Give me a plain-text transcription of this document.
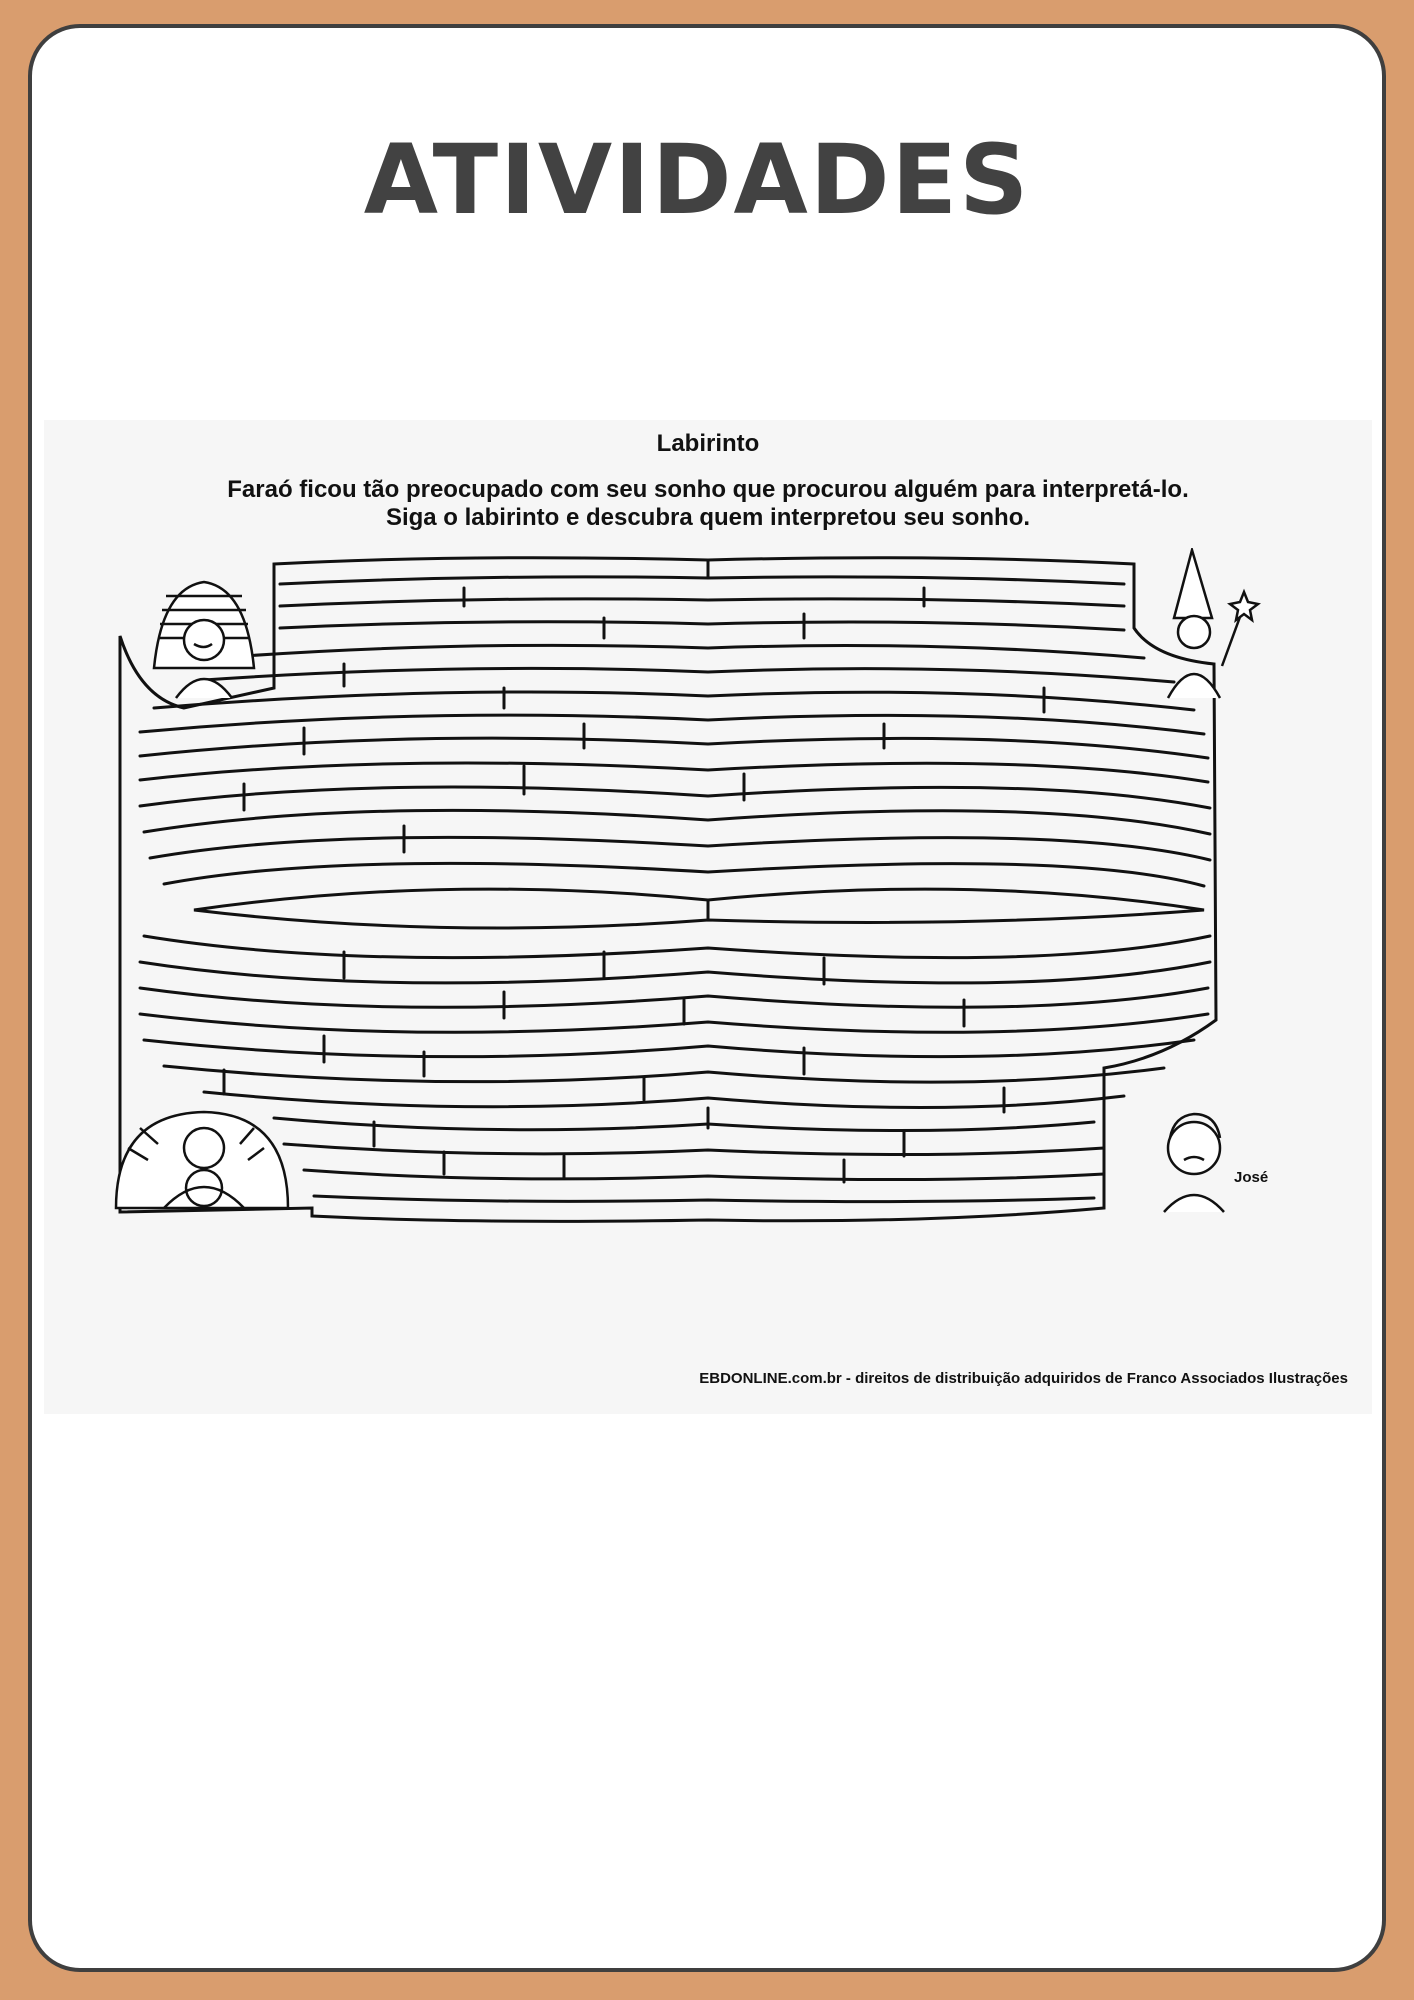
ATIVIDADES
Labirinto

Faraó ficou tão preocupado com seu sonho que procurou alguém para interpretá-lo.

Siga o labirinto e descubra quem interpretou seu sonho.

José
EBDONLINE.com.br - direitos de distribuição adquiridos de Franco Associados Ilustrações
